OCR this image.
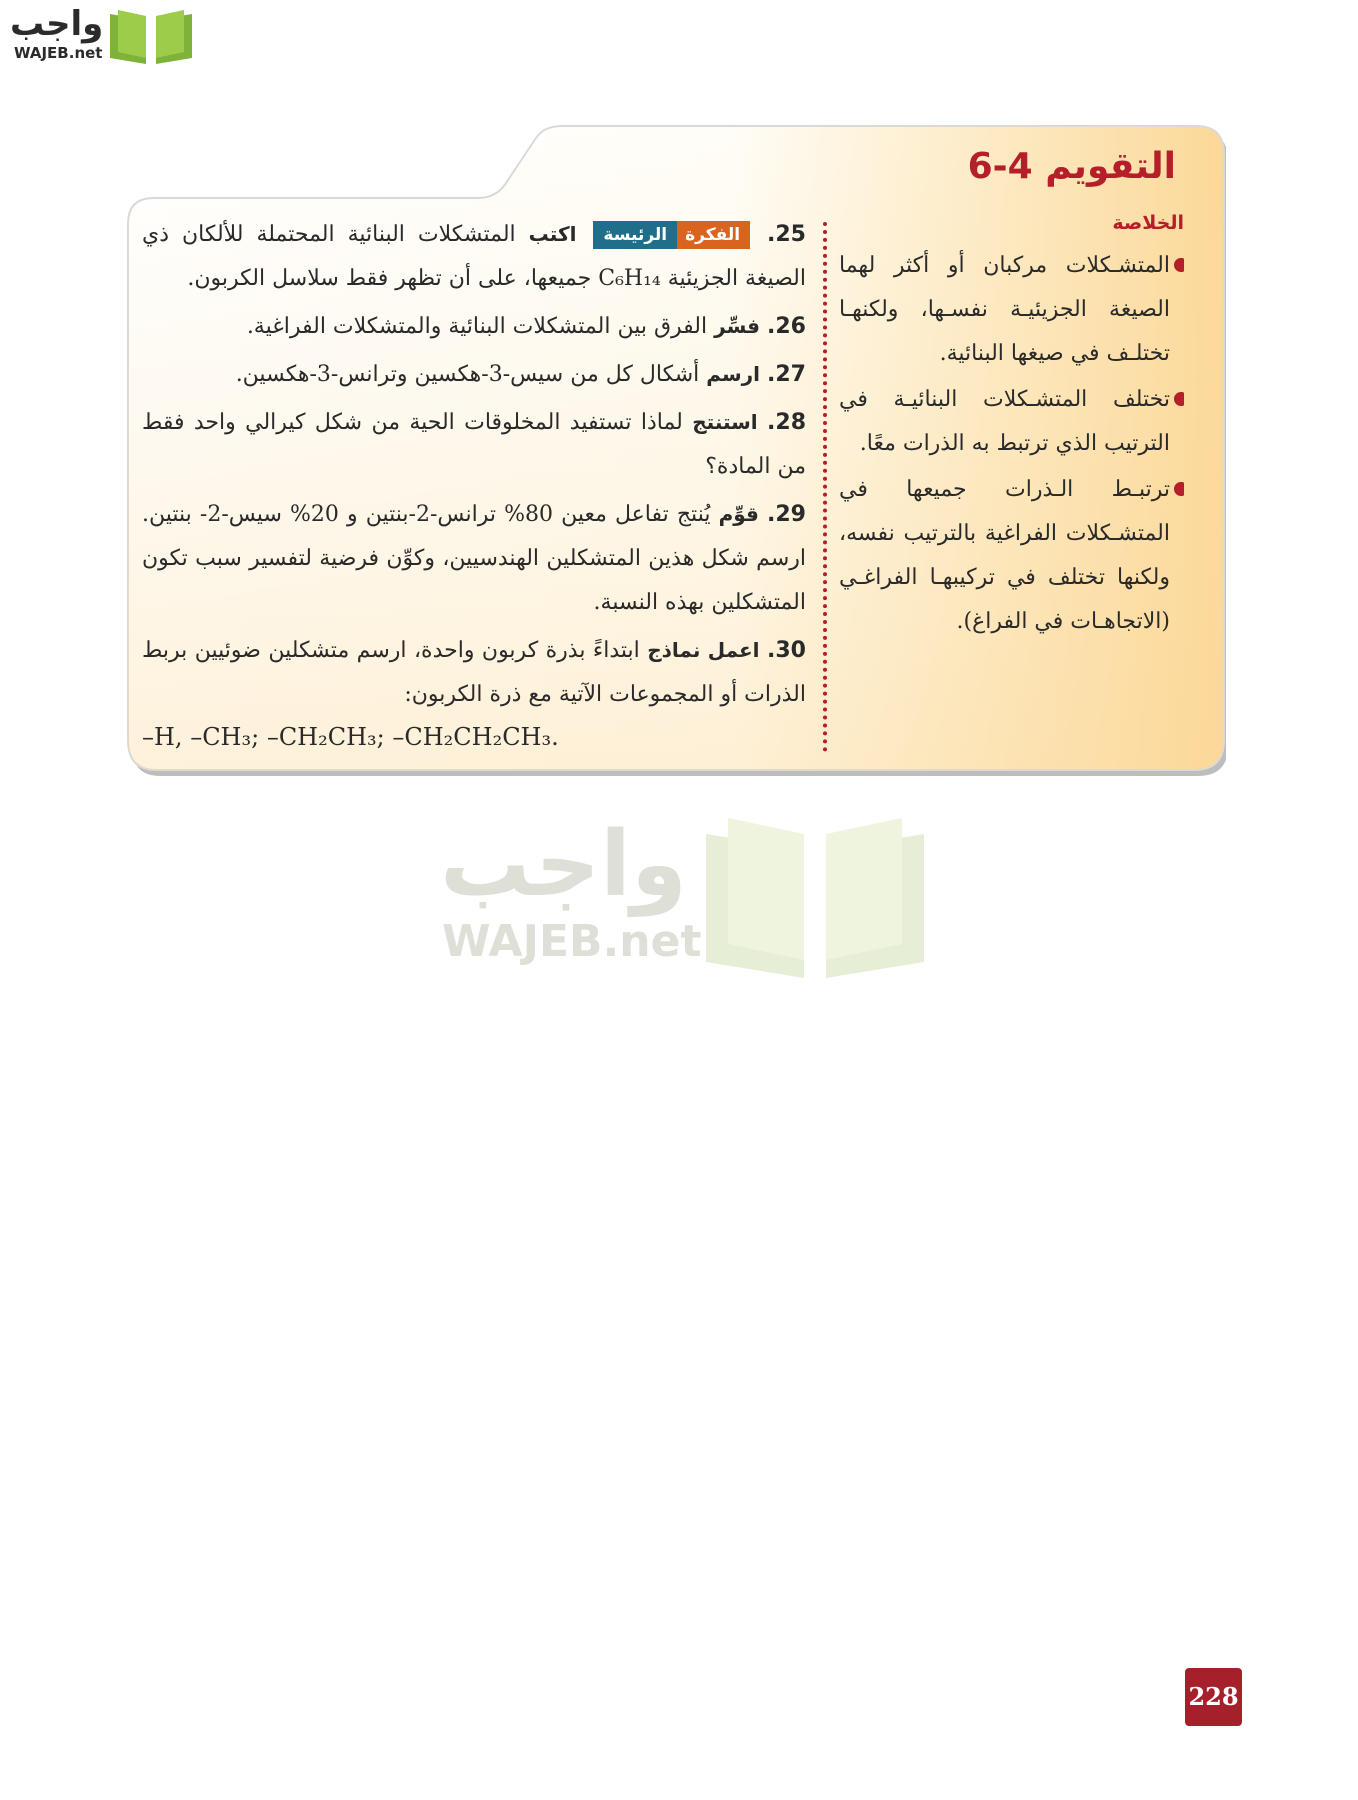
واجب
WAJEB.net
التقويم 4-6
الخلاصة
المتشـكلات مركبان أو أكثر لهما الصيغة الجزيئيـة نفسـها، ولكنهـا تختلـف في صيغها البنائية.
تختلف المتشـكلات البنائيـة في الترتيب الذي ترتبط به الذرات معًا.
ترتبـط الـذرات جميعها في المتشـكلات الفراغية بالترتيب نفسه، ولكنها تختلف في تركيبهـا الفراغـي (الاتجاهـات في الفراغ).
25. الفكرةالرئيسة اكتب المتشكلات البنائية المحتملة للألكان ذي الصيغة الجزيئية C₆H₁₄ جميعها، على أن تظهر فقط سلاسل الكربون.
26. فسِّر الفرق بين المتشكلات البنائية والمتشكلات الفراغية.
27. ارسم أشكال كل من سيس-3-هكسين وترانس-3-هكسين.
28. استنتج لماذا تستفيد المخلوقات الحية من شكل كيرالي واحد فقط من المادة؟
29. قوِّم يُنتج تفاعل معين 80% ترانس-2-بنتين و 20% سيس-2- بنتين. ارسم شكل هذين المتشكلين الهندسيين، وكوِّن فرضية لتفسير سبب تكون المتشكلين بهذه النسبة.
30. اعمل نماذج ابتداءً بذرة كربون واحدة، ارسم متشكلين ضوئيين بربط الذرات أو المجموعات الآتية مع ذرة الكربون:
–H, –CH₃; –CH₂CH₃; –CH₂CH₂CH₃.
واجب
WAJEB.net
228
